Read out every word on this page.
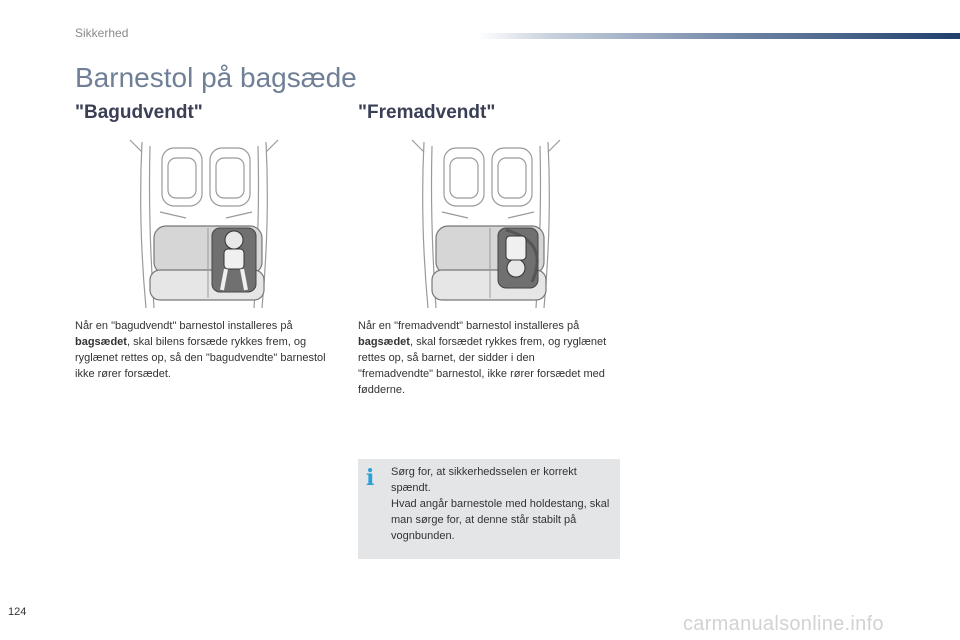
Sikkerhed
Barnestol på bagsæde
"Bagudvendt"	"Fremadvendt"

Når en "bagudvendt" barnestol installeres på bagsædet, skal bilens forsæde rykkes frem, og ryglænet rettes op, så den "bagudvendte" barnestol ikke rører forsædet.

Når en "fremadvendt" barnestol installeres på bagsædet, skal forsædet rykkes frem, og ryglænet rettes op, så barnet, der sidder i den "fremadvendte" barnestol, ikke rører forsædet med fødderne.

i Sørg for, at sikkerhedsselen er korrekt spændt.
Hvad angår barnestole med holdestang, skal man sørge for, at denne står stabilt på vognbunden.
124
carmanualsonline.info
